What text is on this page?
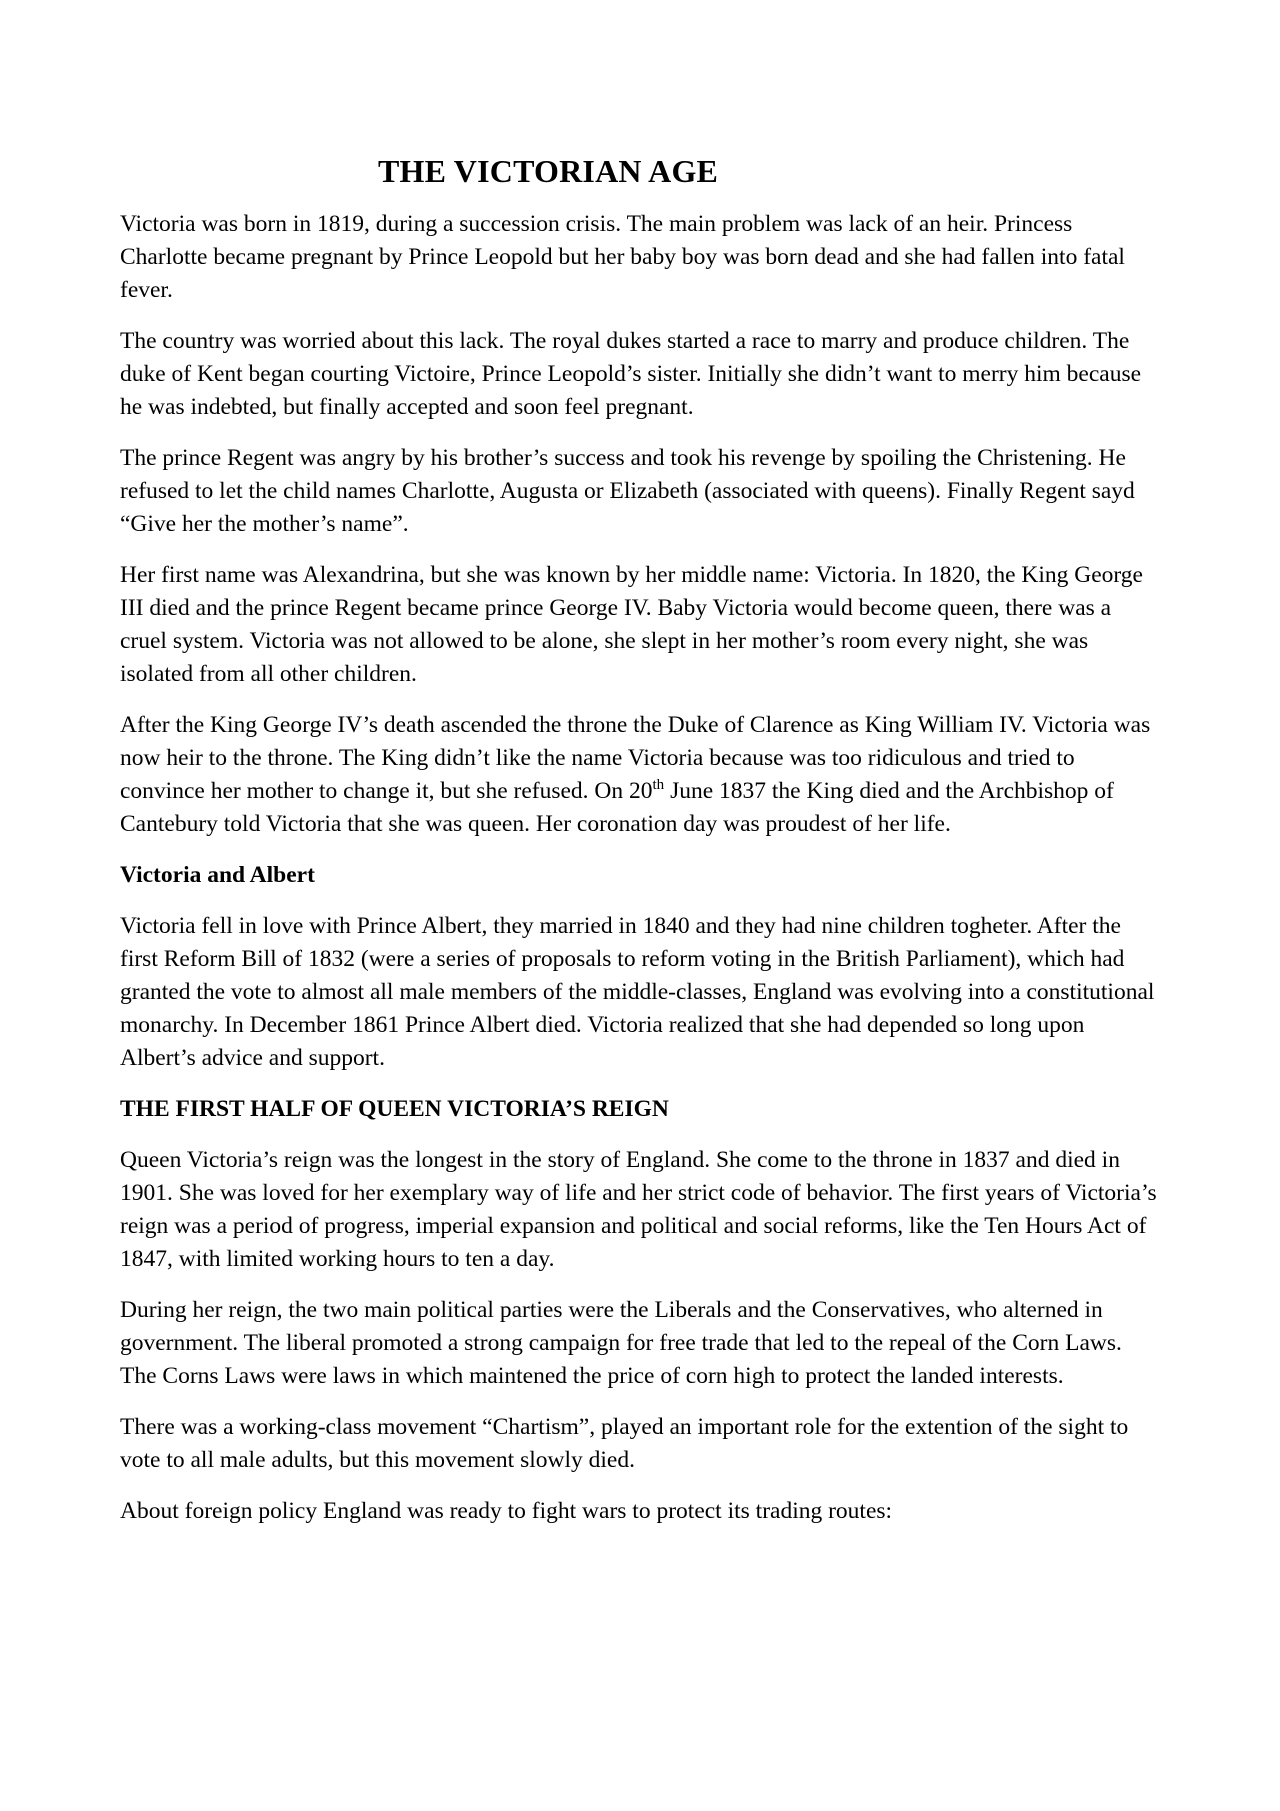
THE VICTORIAN AGE

Victoria was born in 1819, during a succession crisis. The main problem was lack of an heir. Princess Charlotte became pregnant by Prince Leopold but her baby boy was born dead and she had fallen into fatal fever.

The country was worried about this lack. The royal dukes started a race to marry and produce children. The duke of Kent began courting Victoire, Prince Leopold’s sister. Initially she didn’t want to merry him because he was indebted, but finally accepted and soon feel pregnant.

The prince Regent was angry by his brother’s success and took his revenge by spoiling the Christening. He refused to let the child names Charlotte, Augusta or Elizabeth (associated with queens). Finally Regent sayd “Give her the mother’s name”.

Her first name was Alexandrina, but she was known by her middle name: Victoria. In 1820, the King George III died and the prince Regent became prince George IV. Baby Victoria would become queen, there was a cruel system. Victoria was not allowed to be alone, she slept in her mother’s room every night, she was isolated from all other children.

After the King George IV’s death ascended the throne the Duke of Clarence as King William IV. Victoria was now heir to the throne. The King didn’t like the name Victoria because was too ridiculous and tried to convince her mother to change it, but she refused. On 20th June 1837 the King died and the Archbishop of Cantebury told Victoria that she was queen. Her coronation day was proudest of her life.

Victoria and Albert

Victoria fell in love with Prince Albert, they married in 1840 and they had nine children togheter. After the first Reform Bill of 1832 (were a series of proposals to reform voting in the British Parliament), which had granted the vote to almost all male members of the middle-classes, England was evolving into a constitutional monarchy. In December 1861 Prince Albert died. Victoria realized that she had depended so long upon Albert’s advice and support.

THE FIRST HALF OF QUEEN VICTORIA’S REIGN

Queen Victoria’s reign was the longest in the story of England. She come to the throne in 1837 and died in 1901. She was loved for her exemplary way of life and her strict code of behavior. The first years of Victoria’s reign was a period of progress, imperial expansion and political and social reforms, like the Ten Hours Act of 1847, with limited working hours to ten a day.

During her reign, the two main political parties were the Liberals and the Conservatives, who alterned in government. The liberal promoted a strong campaign for free trade that led to the repeal of the Corn Laws. The Corns Laws were laws in which maintened the price of corn high to protect the landed interests.

There was a working-class movement “Chartism”, played an important role for the extention of the sight to vote to all male adults, but this movement slowly died.

About foreign policy England was ready to fight wars to protect its trading routes:
